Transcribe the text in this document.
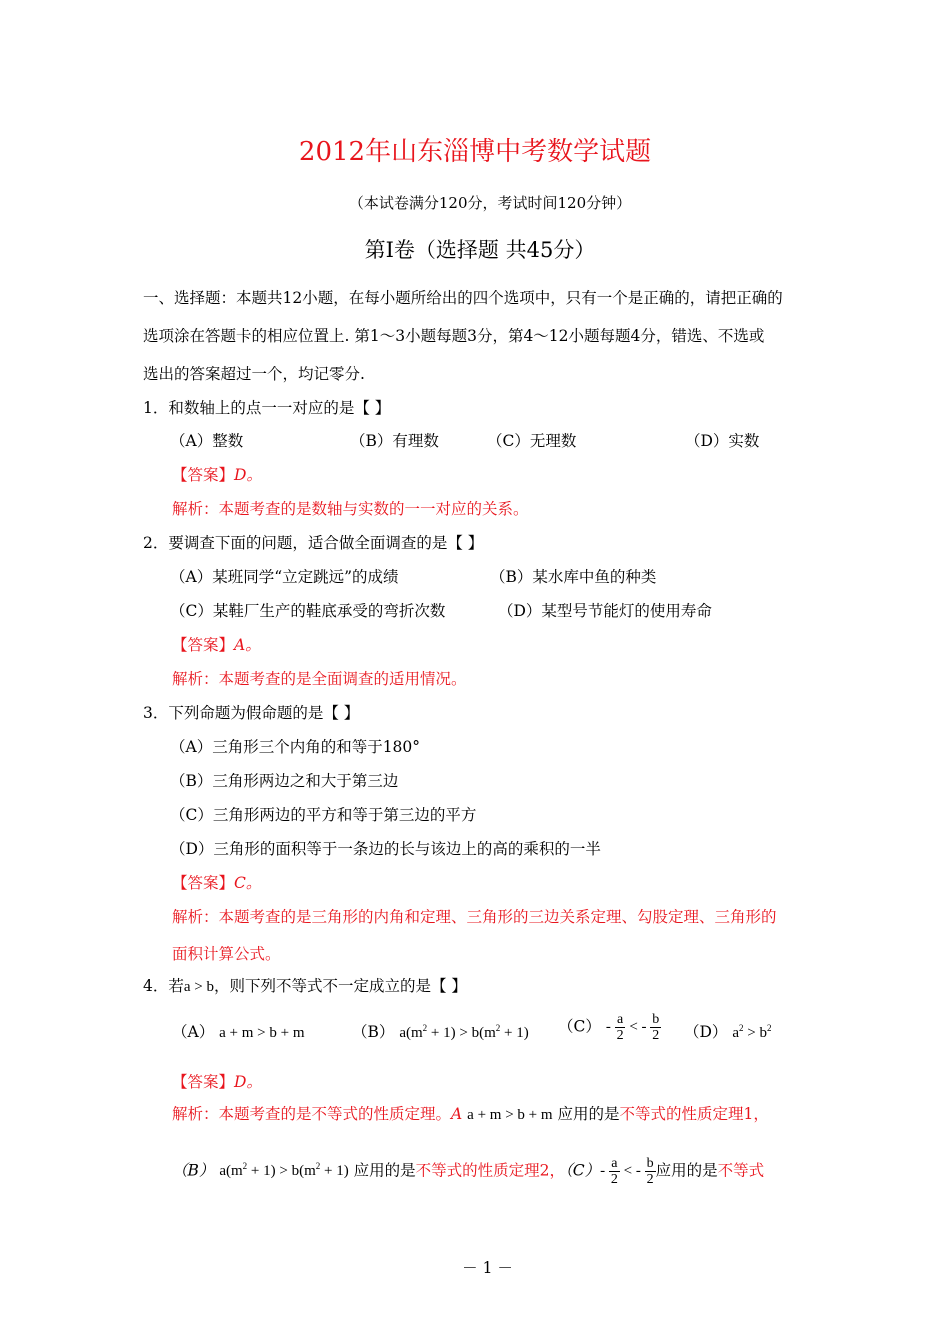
2012年山东淄博中考数学试题
（本试卷满分120分，考试时间120分钟）
第Ⅰ卷（选择题 共45分）
一、选择题：本题共12小题，在每小题所给出的四个选项中，只有一个是正确的，请把正确的
选项涂在答题卡的相应位置上. 第1～3小题每题3分，第4～12小题每题4分，错选、不选或
选出的答案超过一个，均记零分.
1．和数轴上的点一一对应的是【 】
（A）整数	（B）有理数	（C）无理数	（D）实数
【答案】D。
解析：本题考查的是数轴与实数的一一对应的关系。
2．要调查下面的问题，适合做全面调查的是【 】
（A）某班同学“立定跳远”的成绩	（B）某水库中鱼的种类
（C）某鞋厂生产的鞋底承受的弯折次数	（D）某型号节能灯的使用寿命
【答案】A。
解析：本题考查的是全面调查的适用情况。
3．下列命题为假命题的是【 】
（A）三角形三个内角的和等于180°
（B）三角形两边之和大于第三边
（C）三角形两边的平方和等于第三边的平方
（D）三角形的面积等于一条边的长与该边上的高的乘积的一半
【答案】C。
解析：本题考查的是三角形的内角和定理、三角形的三边关系定理、勾股定理、三角形的
面积计算公式。
4．若a > b，则下列不等式不一定成立的是【 】
（A） a + m > b + m	（B） $a(m^2 + 1) > b(m^2 + 1)$ $(C) - \frac{a}{2}$ < - $\frac{b}{2} (D) a^2 > b^2$
【答案】D。
解析：本题考查的是不等式的性质定理。A a + m > b + m 应用的是不等式的性质定理1，
（B） $a(m^2 + 1) > b(m^2 + 1)$ 应用的是不等式的性质定理2，$(C)- \frac{a}{2}$ < - $\frac{b}{2}$ 应用的是不等式
－ 1 －
